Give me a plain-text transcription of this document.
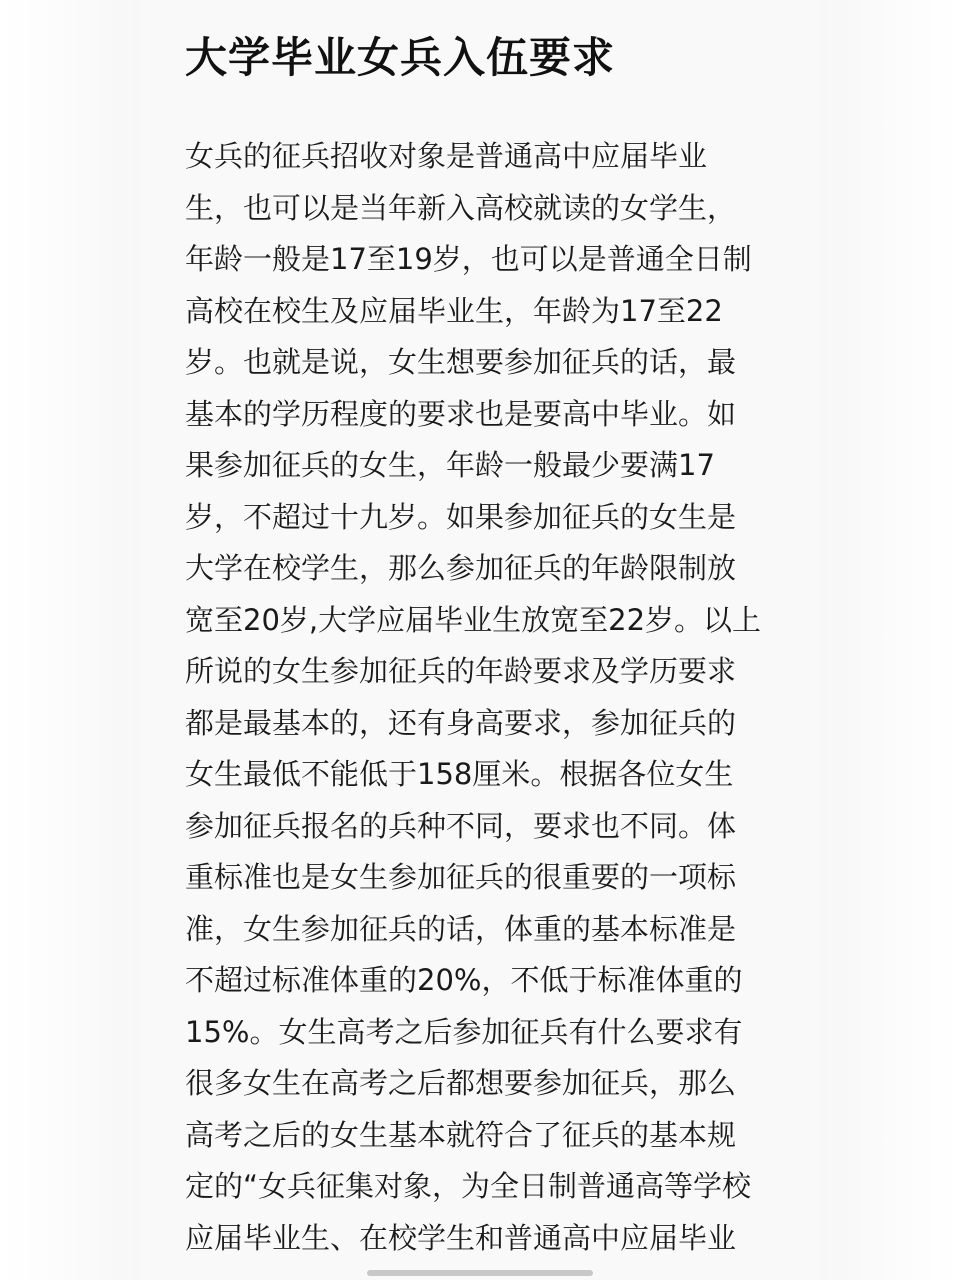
大学毕业女兵入伍要求
女兵的征兵招收对象是普通高中应届毕业
生，也可以是当年新入高校就读的女学生，
年龄一般是17至19岁，也可以是普通全日制
高校在校生及应届毕业生，年龄为17至22
岁。也就是说，女生想要参加征兵的话，最
基本的学历程度的要求也是要高中毕业。如
果参加征兵的女生，年龄一般最少要满17
岁，不超过十九岁。如果参加征兵的女生是
大学在校学生，那么参加征兵的年龄限制放
宽至20岁,大学应届毕业生放宽至22岁。以上
所说的女生参加征兵的年龄要求及学历要求
都是最基本的，还有身高要求，参加征兵的
女生最低不能低于158厘米。根据各位女生
参加征兵报名的兵种不同，要求也不同。体
重标准也是女生参加征兵的很重要的一项标
准，女生参加征兵的话，体重的基本标准是
不超过标准体重的20%，不低于标准体重的
15%。女生高考之后参加征兵有什么要求有
很多女生在高考之后都想要参加征兵，那么
高考之后的女生基本就符合了征兵的基本规
定的“女兵征集对象，为全日制普通高等学校
应届毕业生、在校学生和普通高中应届毕业
